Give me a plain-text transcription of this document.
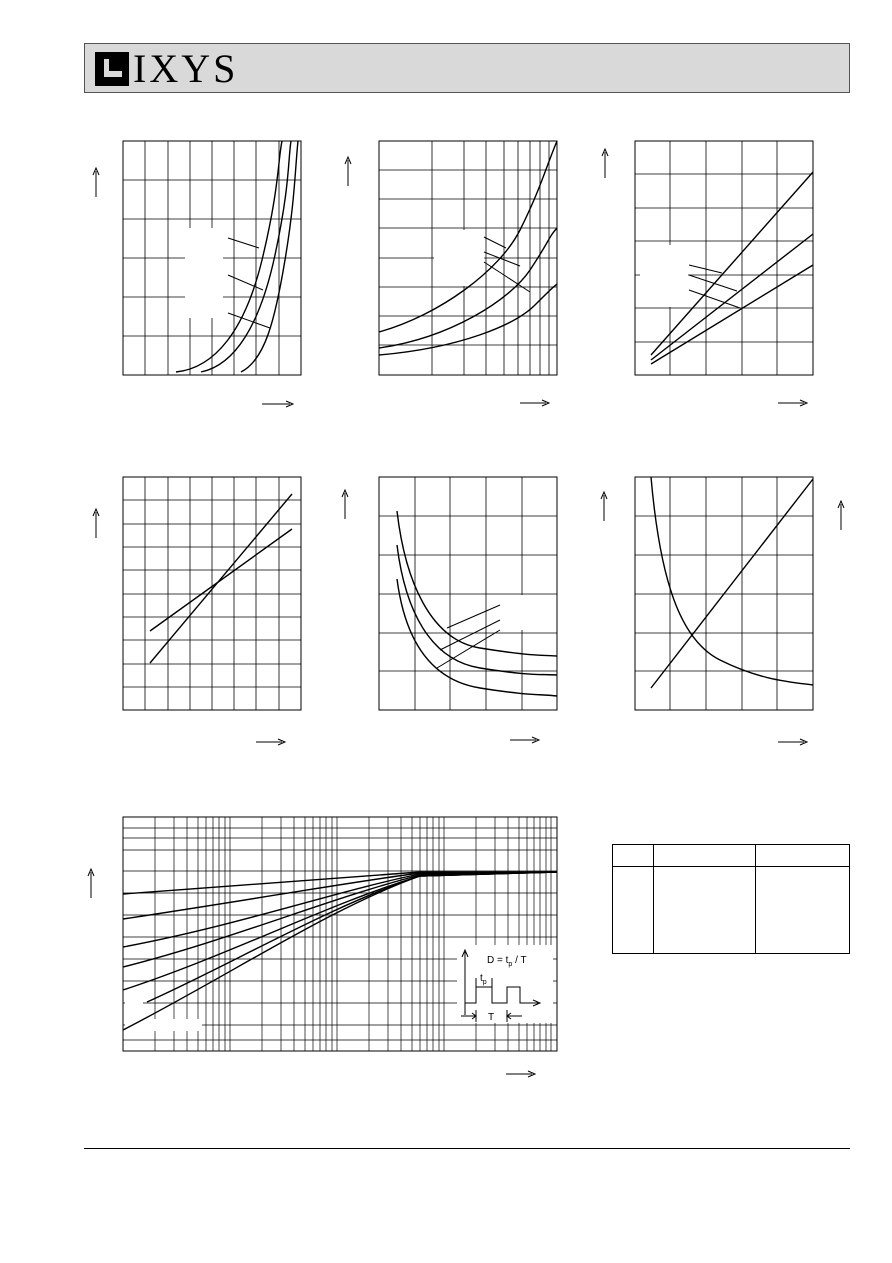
IXYS
$D = t_p / T$
$t_p$
T
